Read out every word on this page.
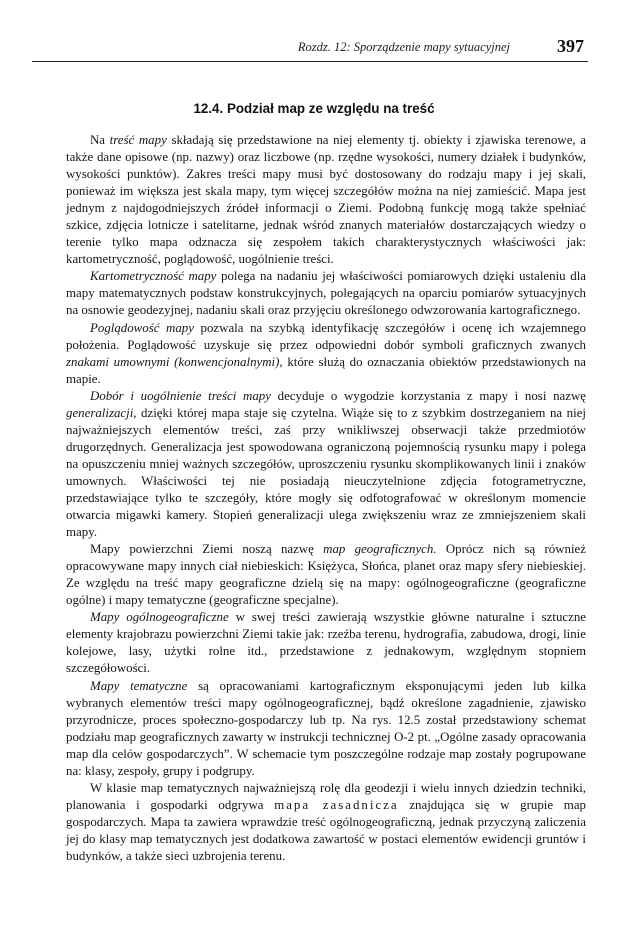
Rozdz. 12: Sporządzenie mapy sytuacyjnej	397
12.4. Podział map ze względu na treść

Na treść mapy składają się przedstawione na niej elementy tj. obiekty i zjawiska terenowe, a także dane opisowe (np. nazwy) oraz liczbowe (np. rzędne wysokości, numery działek i budynków, wysokości punktów). Zakres treści mapy musi być dostosowany do rodzaju mapy i jej skali, ponieważ im większa jest skala mapy, tym więcej szczegółów można na niej zamieścić. Mapa jest jednym z najdogodniejszych źródeł informacji o Ziemi. Podobną funkcję mogą także spełniać szkice, zdjęcia lotnicze i satelitarne, jednak wśród znanych materiałów dostarczających wiedzy o terenie tylko mapa odznacza się zespołem takich charakterystycznych właściwości jak: kartometryczność, poglądowość, uogólnienie treści.

Kartometryczność mapy polega na nadaniu jej właściwości pomiarowych dzięki ustaleniu dla mapy matematycznych podstaw konstrukcyjnych, polegających na oparciu pomiarów sytuacyjnych na osnowie geodezyjnej, nadaniu skali oraz przyjęciu określonego odwzorowania kartograficznego.

Poglądowość mapy pozwala na szybką identyfikację szczegółów i ocenę ich wzajemnego położenia. Poglądowość uzyskuje się przez odpowiedni dobór symboli graficznych zwanych znakami umownymi (konwencjonalnymi), które służą do oznaczania obiektów przedstawionych na mapie.

Dobór i uogólnienie treści mapy decyduje o wygodzie korzystania z mapy i nosi nazwę generalizacji, dzięki której mapa staje się czytelna. Wiąże się to z szybkim dostrzeganiem na niej najważniejszych elementów treści, zaś przy wnikliwszej obserwacji także przedmiotów drugorzędnych. Generalizacja jest spowodowana ograniczoną pojemnością rysunku mapy i polega na opuszczeniu mniej ważnych szczegółów, uproszczeniu rysunku skomplikowanych linii i znaków umownych. Właściwości tej nie posiadają nieuczytelnione zdjęcia fotogrametryczne, przedstawiające tylko te szczegóły, które mogły się odfotografować w określonym momencie otwarcia migawki kamery. Stopień generalizacji ulega zwiększeniu wraz ze zmniejszeniem skali mapy.

Mapy powierzchni Ziemi noszą nazwę map geograficznych. Oprócz nich są również opracowywane mapy innych ciał niebieskich: Księżyca, Słońca, planet oraz mapy sfery niebieskiej. Ze względu na treść mapy geograficzne dzielą się na mapy: ogólnogeograficzne (geograficzne ogólne) i mapy tematyczne (geograficzne specjalne).

Mapy ogólnogeograficzne w swej treści zawierają wszystkie główne naturalne i sztuczne elementy krajobrazu powierzchni Ziemi takie jak: rzeźba terenu, hydrografia, zabudowa, drogi, linie kolejowe, lasy, użytki rolne itd., przedstawione z jednakowym, względnym stopniem szczegółowości.

Mapy tematyczne są opracowaniami kartograficznym eksponującymi jeden lub kilka wybranych elementów treści mapy ogólnogeograficznej, bądź określone zagadnienie, zjawisko przyrodnicze, proces społeczno-gospodarczy lub tp. Na rys. 12.5 został przedstawiony schemat podziału map geograficznych zawarty w instrukcji technicznej O-2 pt. „Ogólne zasady opracowania map dla celów gospodarczych”. W schemacie tym poszczególne rodzaje map zostały pogrupowane na: klasy, zespoły, grupy i podgrupy.

W klasie map tematycznych najważniejszą rolę dla geodezji i wielu innych dziedzin techniki, planowania i gospodarki odgrywa mapa zasadnicza znajdująca się w grupie map gospodarczych. Mapa ta zawiera wprawdzie treść ogólnogeograficzną, jednak przyczyną zaliczenia jej do klasy map tematycznych jest dodatkowa zawartość w postaci elementów ewidencji gruntów i budynków, a także sieci uzbrojenia terenu.
